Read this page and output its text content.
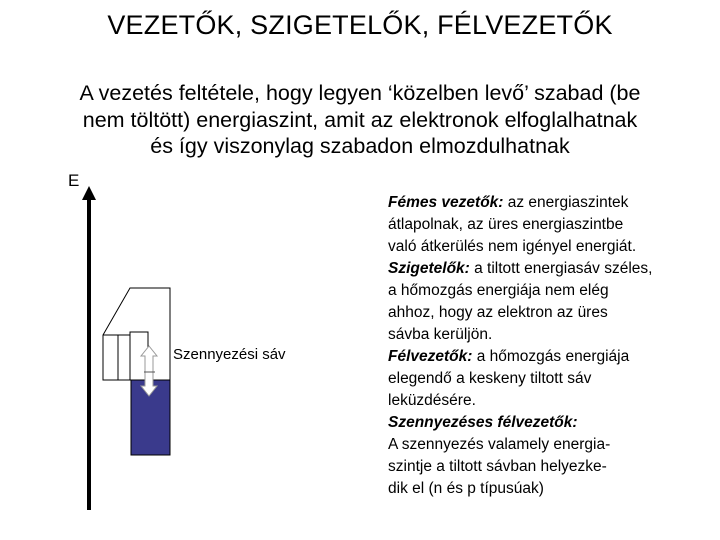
VEZETŐK, SZIGETELŐK, FÉLVEZETŐK
A vezetés feltétele, hogy legyen ‘közelben levő’ szabad (be
nem töltött) energiaszint, amit az elektronok elfoglalhatnak
és így viszonylag szabadon elmozdulhatnak
E
Szennyezési sáv
Fémes vezetők: az energiaszintek
átlapolnak, az üres energiaszintbe
való átkerülés nem igényel energiát.
Szigetelők: a tiltott energiasáv széles,
a hőmozgás energiája nem elég
ahhoz, hogy az elektron az üres
sávba kerüljön.
Félvezetők: a hőmozgás energiája
elegendő a keskeny tiltott sáv
leküzdésére.
Szennyezéses félvezetők:
A szennyezés valamely energia-
szintje a tiltott sávban helyezke-
dik el (n és p típusúak)
